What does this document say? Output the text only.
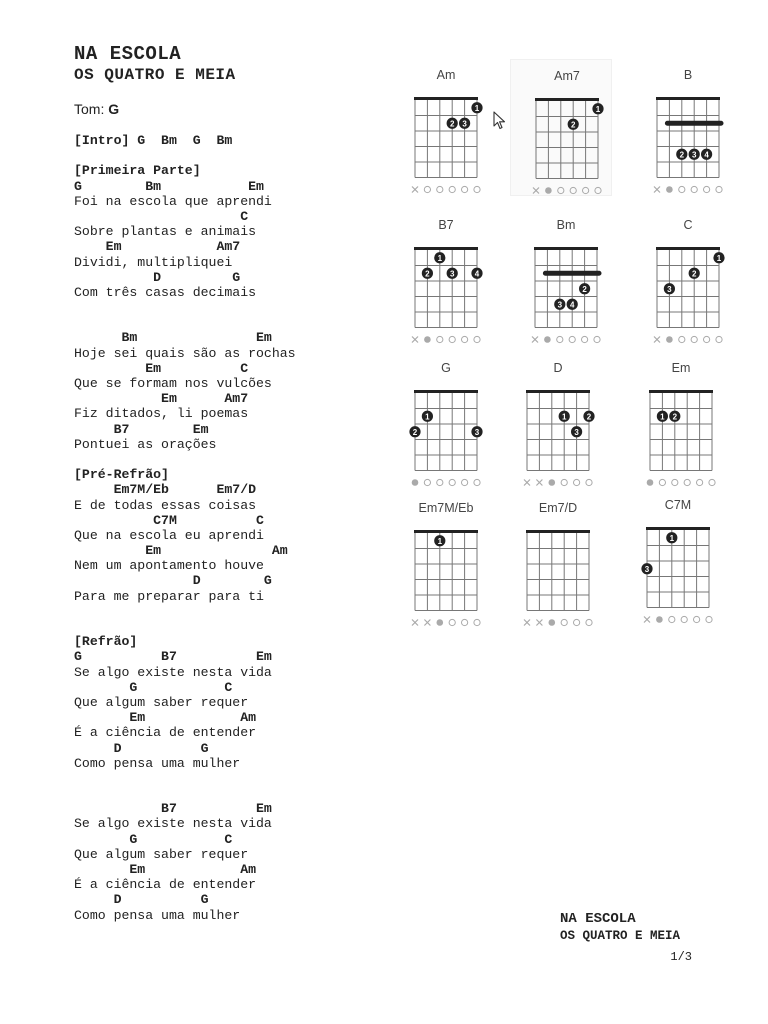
NA ESCOLA
OS QUATRO E MEIA
Tom: G
[Intro] G  Bm  G  Bm
[Primeira Parte]
G        Bm           Em
Foi na escola que aprendi
C
Sobre plantas e animais
Em            Am7
Dividi, multipliquei
D         G
Com três casas decimais
Bm               Em
Hoje sei quais são as rochas
Em          C
Que se formam nos vulcões
Em      Am7
Fiz ditados, li poemas
B7        Em
Pontuei as orações
[Pré-Refrão]
Em7M/Eb      Em7/D
E de todas essas coisas
C7M          C
Que na escola eu aprendi
Em              Am
Nem um apontamento houve
D        G
Para me preparar para ti
[Refrão]
G          B7          Em
Se algo existe nesta vida
G           C
Que algum saber requer
Em            Am
É a ciência de entender
D          G
Como pensa uma mulher
B7          Em
Se algo existe nesta vida
G           C
Que algum saber requer
Em            Am
É a ciência de entender
D          G
Como pensa uma mulher
Am
1
2 3
Am7
1
2
B
2 3 4
B7
1
2	3	4
Bm
2
3 4
C
1
2
3
G
1
2	3
D
1	2
3
Em
1 2
Em7M/Eb
1
Em7/D	C7M
1
3
NA ESCOLA
OS QUATRO E MEIA
1/3
